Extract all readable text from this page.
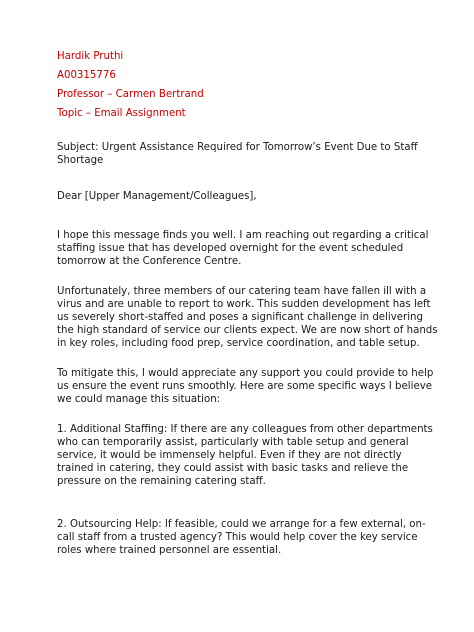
Hardik Pruthi

A00315776

Professor – Carmen Bertrand

Topic – Email Assignment

Subject: Urgent Assistance Required for Tomorrow’s Event Due to Staff
Shortage

Dear [Upper Management/Colleagues],

I hope this message finds you well. I am reaching out regarding a critical
staffing issue that has developed overnight for the event scheduled
tomorrow at the Conference Centre.

Unfortunately, three members of our catering team have fallen ill with a
virus and are unable to report to work. This sudden development has left
us severely short-staffed and poses a significant challenge in delivering
the high standard of service our clients expect. We are now short of hands
in key roles, including food prep, service coordination, and table setup.

To mitigate this, I would appreciate any support you could provide to help
us ensure the event runs smoothly. Here are some specific ways I believe
we could manage this situation:

1. Additional Staffing: If there are any colleagues from other departments
who can temporarily assist, particularly with table setup and general
service, it would be immensely helpful. Even if they are not directly
trained in catering, they could assist with basic tasks and relieve the
pressure on the remaining catering staff.

2. Outsourcing Help: If feasible, could we arrange for a few external, on-
call staff from a trusted agency? This would help cover the key service
roles where trained personnel are essential.
